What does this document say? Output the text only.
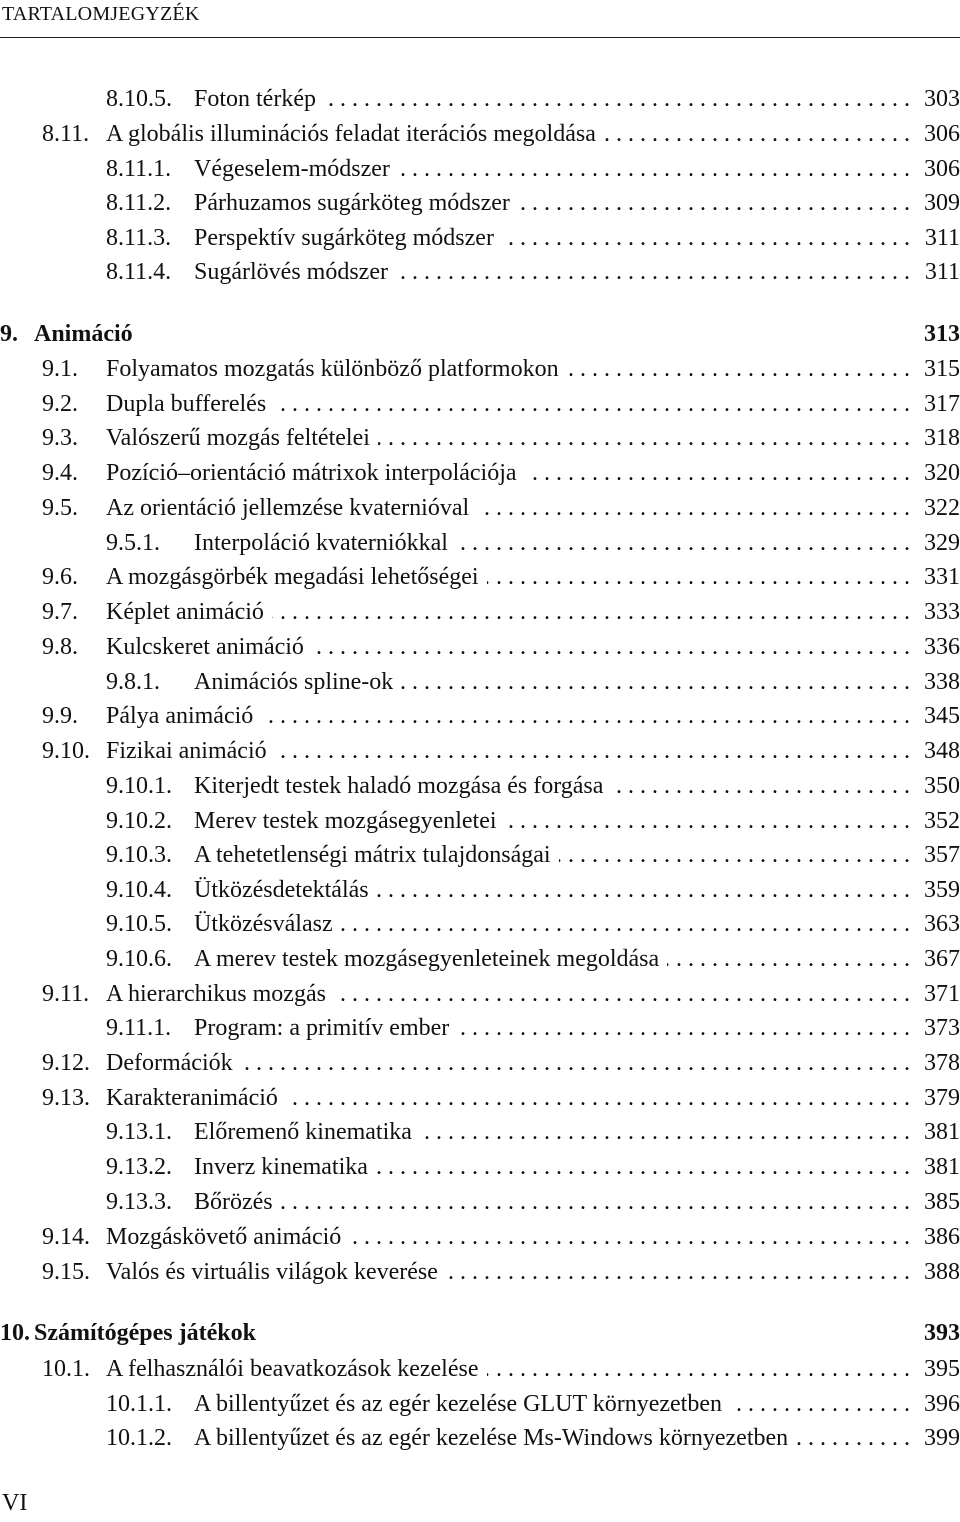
TARTALOMJEGYZÉK
8.10.5. Foton térkép . . .	303
8.11. A globális illuminációs feladat iterációs megoldása . . .	306
8.11.1. Végeselem-módszer . . .	306
8.11.2. Párhuzamos sugárköteg módszer . . .	309
8.11.3. Perspektív sugárköteg módszer . . .	311
8.11.4. Sugárlövés módszer . . .	311
9. Animáció	313
9.1.	Folyamatos mozgatás különböző platformokon . . .	315
9.2.	Dupla bufferelés . . .	317
9.3.	Valószerű mozgás feltételei . . .	318
9.4.	Pozíció–orientáció mátrixok interpolációja . . .	320
9.5.	Az orientáció jellemzése kvaternióval . . .	322
9.5.1.	Interpoláció kvaterniókkal . . .	329
9.6.	A mozgásgörbék megadási lehetőségei . . .	331
9.7.	Képlet animáció . . .	333
9.8.	Kulcskeret animáció . . .	336
9.8.1.	Animációs spline-ok . . .	338
9.9.	Pálya animáció . . .	345
9.10. Fizikai animáció . . .	348
9.10.1. Kiterjedt testek haladó mozgása és forgása . . .	350
9.10.2. Merev testek mozgásegyenletei . . .	352
9.10.3. A tehetetlenségi mátrix tulajdonságai . . .	357
9.10.4. Ütközésdetektálás . . .	359
9.10.5. Ütközésválasz . . .	363
9.10.6. A merev testek mozgásegyenleteinek megoldása . . .	367
9.11. A hierarchikus mozgás . . .	371
9.11.1. Program: a primitív ember . . .	373
9.12. Deformációk . . .	378
9.13. Karakteranimáció . . .	379
9.13.1. Előremenő kinematika . . .	381
9.13.2. Inverz kinematika . . .	381
9.13.3. Bőrözés . . .	385
9.14. Mozgáskövető animáció . . .	386
9.15. Valós és virtuális világok keverése . . .	388
10. Számítógépes játékok	393
10.1. A felhasználói beavatkozások kezelése . . .	395
10.1.1. A billentyűzet és az egér kezelése GLUT környezetben . . .	396
10.1.2. A billentyűzet és az egér kezelése Ms-Windows környezetben . . .	399
VI
